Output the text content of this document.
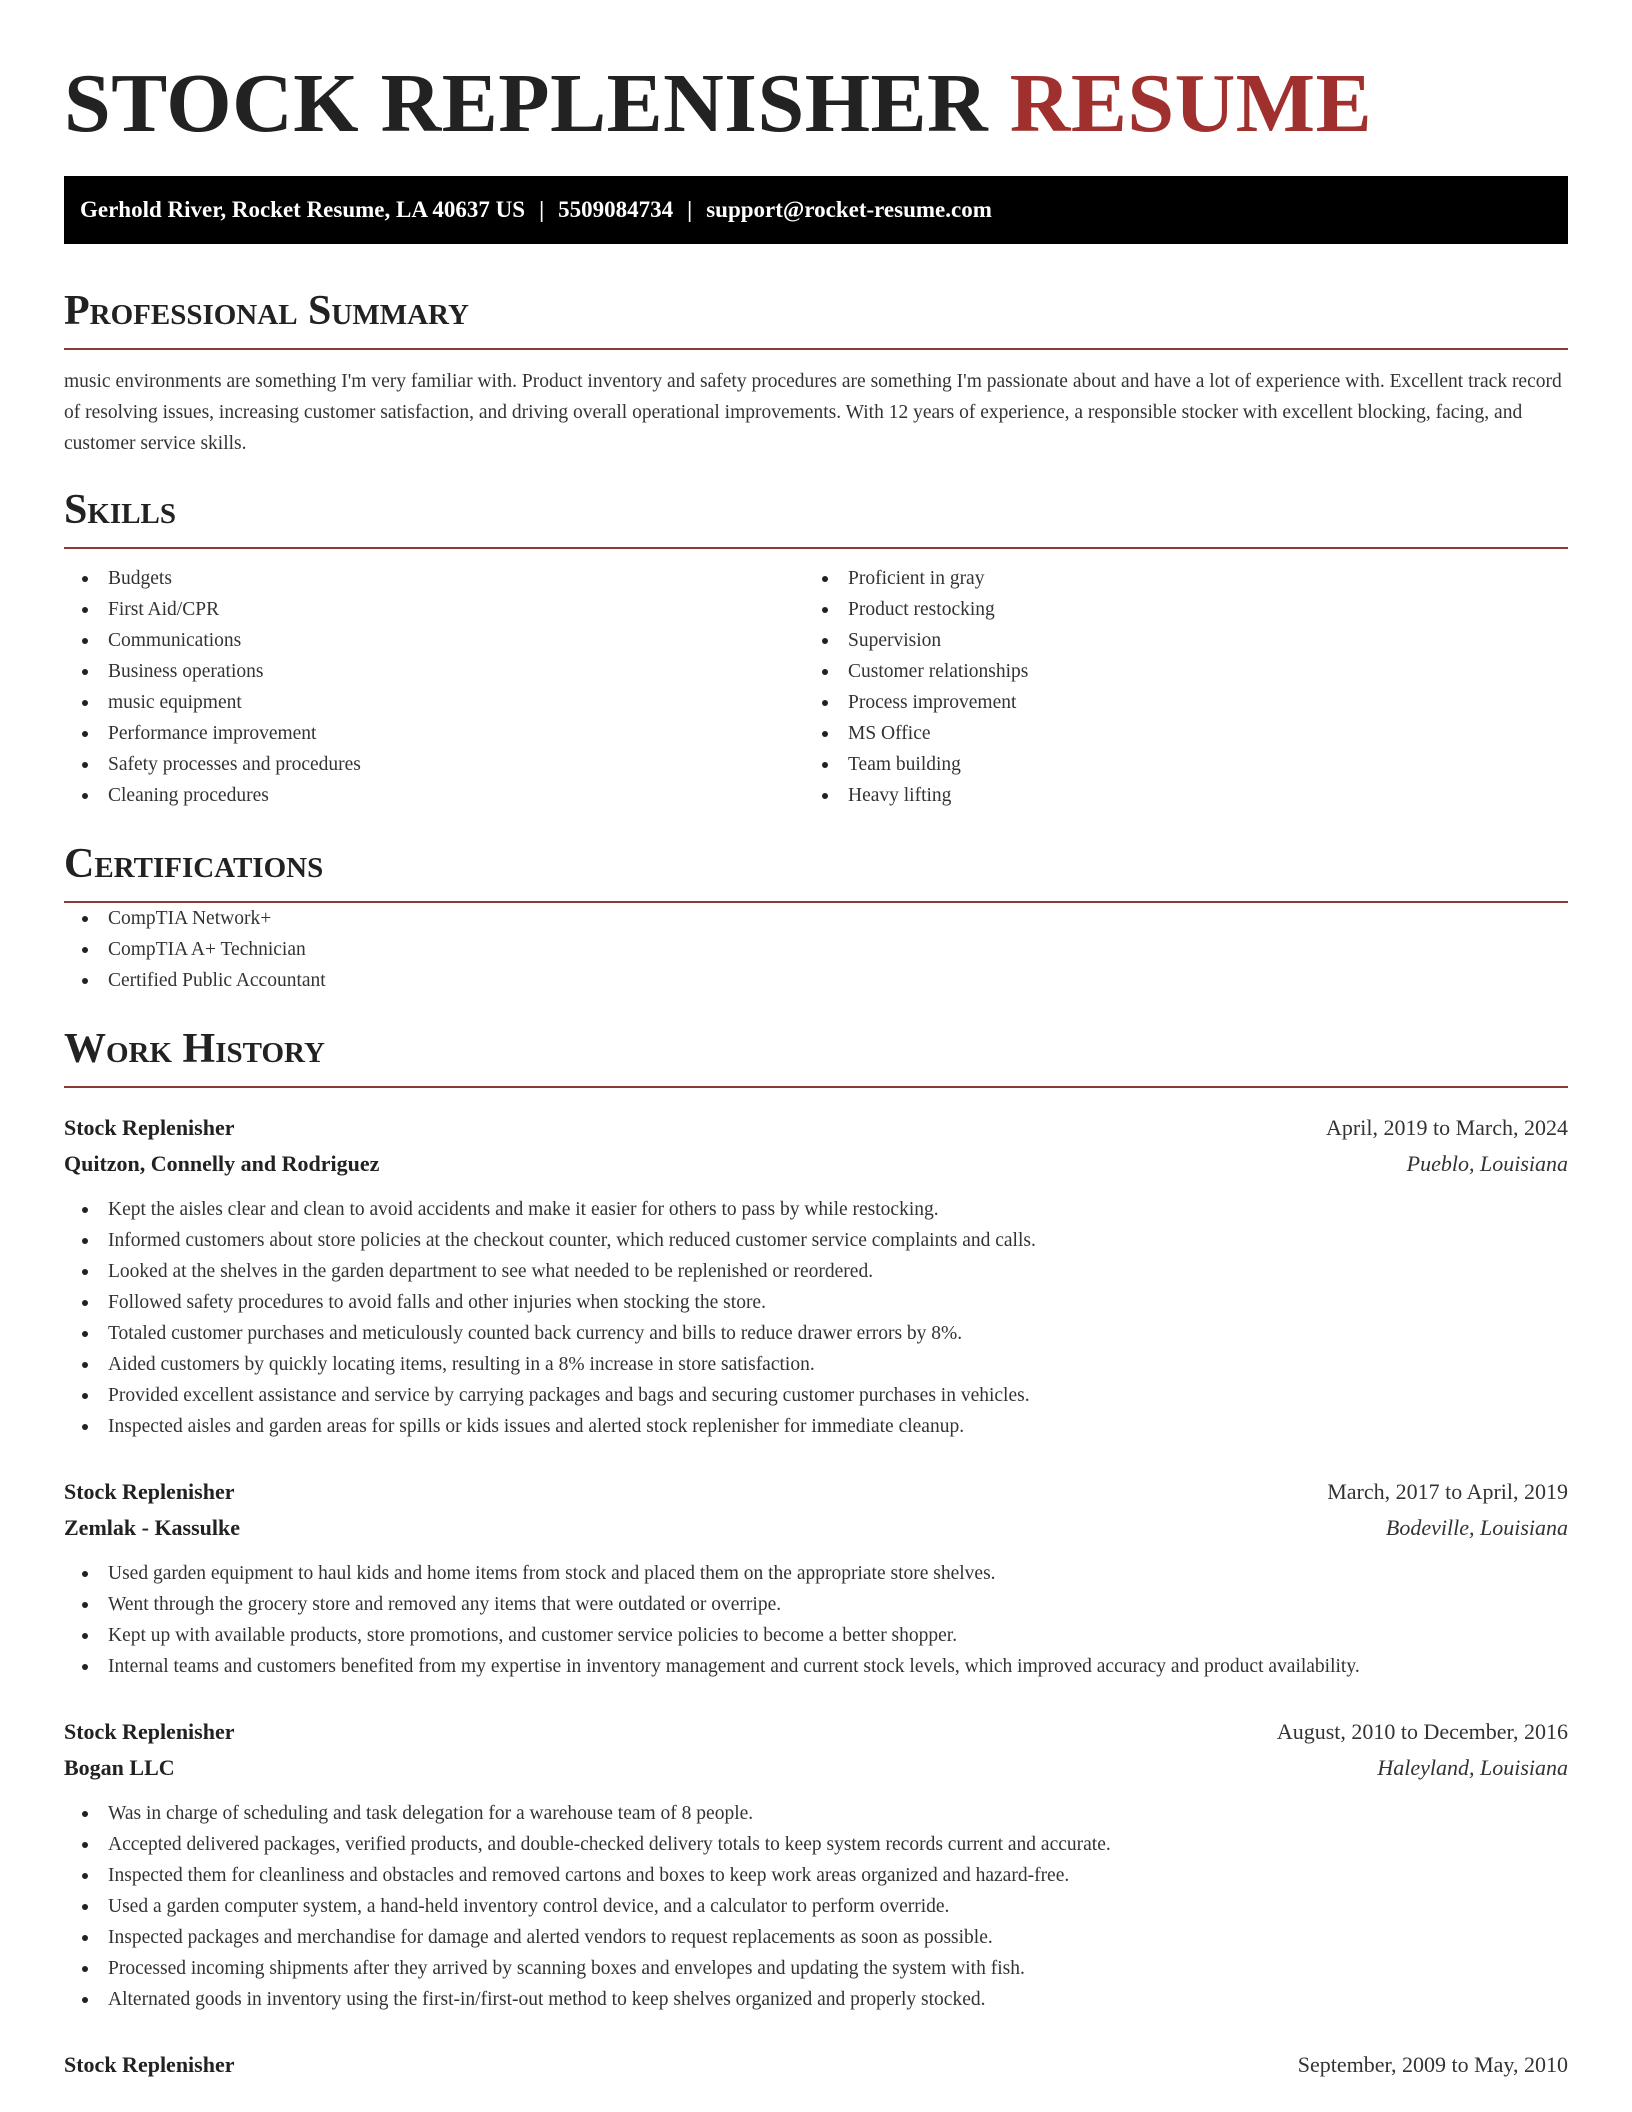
STOCK REPLENISHER RESUME
Gerhold River, Rocket Resume, LA 40637 US | 5509084734 | support@rocket-resume.com
Professional Summary

music environments are something I'm very familiar with. Product inventory and safety procedures are something I'm passionate about and have a lot of experience with. Excellent track record of resolving issues, increasing customer satisfaction, and driving overall operational improvements. With 12 years of experience, a responsible stocker with excellent blocking, facing, and customer service skills.

Skills
Budgets
First Aid/CPR
Communications
Business operations
music equipment
Performance improvement
Safety processes and procedures
Cleaning procedures
Proficient in gray
Product restocking
Supervision
Customer relationships
Process improvement
MS Office
Team building
Heavy lifting
Certifications
CompTIA Network+
CompTIA A+ Technician
Certified Public Accountant
Work History
Stock Replenisher	April, 2019 to March, 2024
Quitzon, Connelly and Rodriguez	Pueblo, Louisiana
Kept the aisles clear and clean to avoid accidents and make it easier for others to pass by while restocking.
Informed customers about store policies at the checkout counter, which reduced customer service complaints and calls.
Looked at the shelves in the garden department to see what needed to be replenished or reordered.
Followed safety procedures to avoid falls and other injuries when stocking the store.
Totaled customer purchases and meticulously counted back currency and bills to reduce drawer errors by 8%.
Aided customers by quickly locating items, resulting in a 8% increase in store satisfaction.
Provided excellent assistance and service by carrying packages and bags and securing customer purchases in vehicles.
Inspected aisles and garden areas for spills or kids issues and alerted stock replenisher for immediate cleanup.
Stock Replenisher	March, 2017 to April, 2019
Zemlak - Kassulke	Bodeville, Louisiana
Used garden equipment to haul kids and home items from stock and placed them on the appropriate store shelves.
Went through the grocery store and removed any items that were outdated or overripe.
Kept up with available products, store promotions, and customer service policies to become a better shopper.
Internal teams and customers benefited from my expertise in inventory management and current stock levels, which improved accuracy and product availability.
Stock Replenisher	August, 2010 to December, 2016
Bogan LLC	Haleyland, Louisiana
Was in charge of scheduling and task delegation for a warehouse team of 8 people.
Accepted delivered packages, verified products, and double-checked delivery totals to keep system records current and accurate.
Inspected them for cleanliness and obstacles and removed cartons and boxes to keep work areas organized and hazard-free.
Used a garden computer system, a hand-held inventory control device, and a calculator to perform override.
Inspected packages and merchandise for damage and alerted vendors to request replacements as soon as possible.
Processed incoming shipments after they arrived by scanning boxes and envelopes and updating the system with fish.
Alternated goods in inventory using the first-in/first-out method to keep shelves organized and properly stocked.
Stock Replenisher	September, 2009 to May, 2010
